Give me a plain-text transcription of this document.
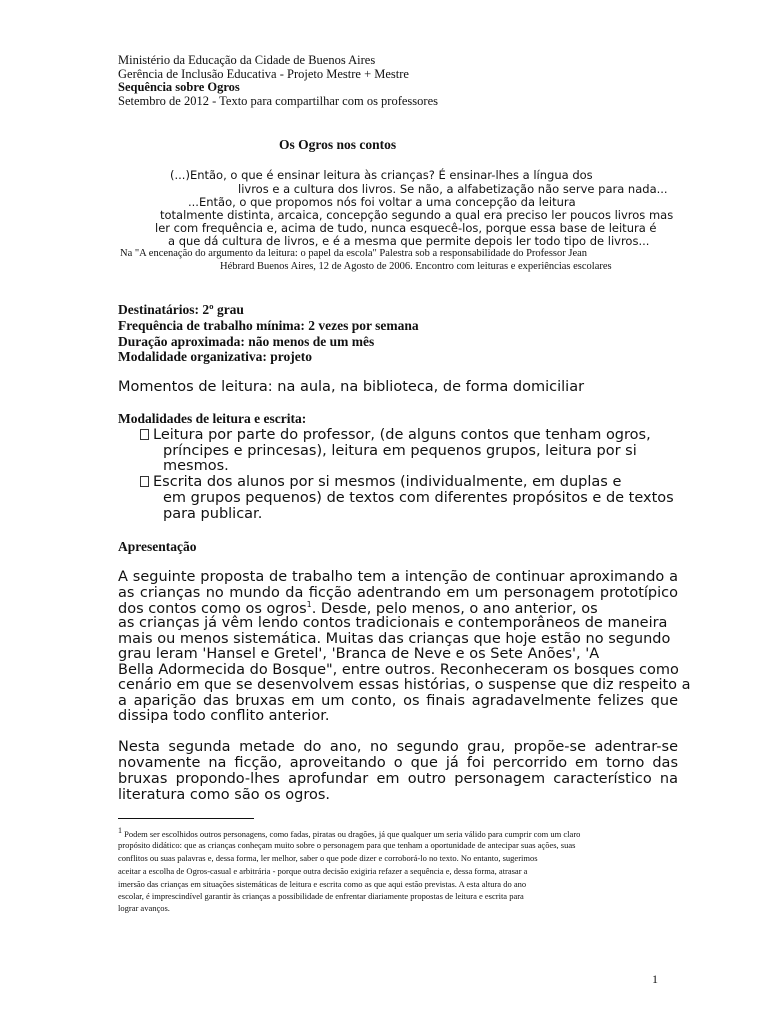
Ministério da Educação da Cidade de Buenos Aires
Gerência de Inclusão Educativa - Projeto Mestre + Mestre
Sequência sobre Ogros
Setembro de 2012 - Texto para compartilhar com os professores
Os Ogros nos contos
(...)Então, o que é ensinar leitura às crianças? É ensinar-lhes a língua dos
livros e a cultura dos livros. Se não, a alfabetização não serve para nada...
...Então, o que propomos nós foi voltar a uma concepção da leitura
totalmente distinta, arcaica, concepção segundo a qual era preciso ler poucos livros mas
ler com frequência e, acima de tudo, nunca esquecê-los, porque essa base de leitura é
a que dá cultura de livros, e é a mesma que permite depois ler todo tipo de livros...
Na "A encenação do argumento da leitura: o papel da escola" Palestra sob a responsabilidade do Professor Jean
Hébrard Buenos Aires, 12 de Agosto de 2006. Encontro com leituras e experiências escolares
Destinatários: 2º grau
Frequência de trabalho mínima: 2 vezes por semana
Duração aproximada: não menos de um mês
Modalidade organizativa: projeto
Momentos de leitura: na aula, na biblioteca, de forma domiciliar
Modalidades de leitura e escrita:
Leitura por parte do professor, (de alguns contos que tenham ogros,
príncipes e princesas), leitura em pequenos grupos, leitura por si
mesmos.
Escrita dos alunos por si mesmos (individualmente, em duplas e
em grupos pequenos) de textos com diferentes propósitos e de textos
para publicar.
Apresentação
A seguinte proposta de trabalho tem a intenção de continuar aproximando a
as crianças no mundo da ficção adentrando em um personagem prototípico
dos contos como os ogros$^1$. Desde, pelo menos, o ano anterior, os
as crianças já vêm lendo contos tradicionais e contemporâneos de maneira
mais ou menos sistemática. Muitas das crianças que hoje estão no segundo
grau leram 'Hansel e Gretel', 'Branca de Neve e os Sete Anões', 'A
Bella Adormecida do Bosque", entre outros. Reconheceram os bosques como
cenário em que se desenvolvem essas histórias, o suspense que diz respeito a
a aparição das bruxas em um conto, os finais agradavelmente felizes que
dissipa todo conflito anterior.
Nesta segunda metade do ano, no segundo grau, propõe-se adentrar-se
novamente na ficção, aproveitando o que já foi percorrido em torno das
bruxas propondo-lhes aprofundar em outro personagem característico na
literatura como são os ogros.
$^1$ Podem ser escolhidos outros personagens, como fadas, piratas ou dragões, já que qualquer um seria válido para cumprir com um claro
propósito didático: que as crianças conheçam muito sobre o personagem para que tenham a oportunidade de antecipar suas ações, suas
conflitos ou suas palavras e, dessa forma, ler melhor, saber o que pode dizer e corroborá-lo no texto. No entanto, sugerimos
aceitar a escolha de Ogros-casual e arbitrária - porque outra decisão exigiria refazer a sequência e, dessa forma, atrasar a
imersão das crianças em situações sistemáticas de leitura e escrita como as que aqui estão previstas. A esta altura do ano
escolar, é imprescindível garantir às crianças a possibilidade de enfrentar diariamente propostas de leitura e escrita para
lograr avanços.
1
